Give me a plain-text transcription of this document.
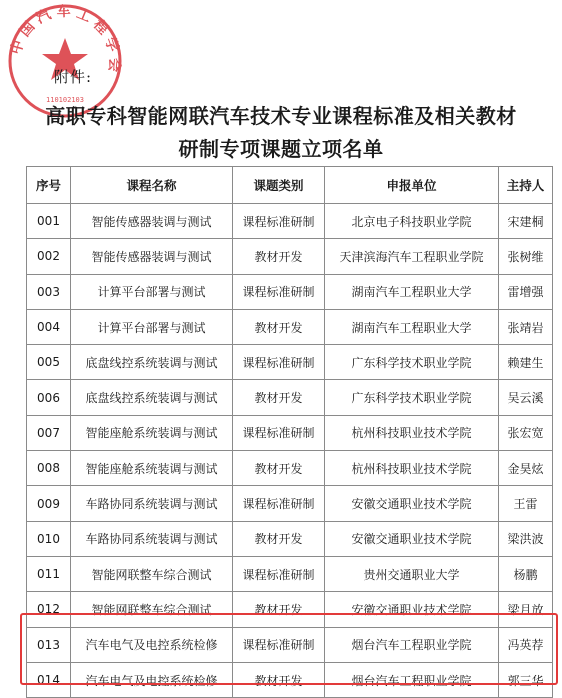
中 国 汽 车 工 程 学 会
110102103
附件:
高职专科智能网联汽车技术专业课程标准及相关教材
研制专项课题立项名单
序号	课程名称	课题类别	申报单位	主持人
001	智能传感器装调与测试	课程标准研制	北京电子科技职业学院	宋建桐
002	智能传感器装调与测试	教材开发	天津滨海汽车工程职业学院	张树维
003	计算平台部署与测试	课程标准研制	湖南汽车工程职业大学	雷增强
004	计算平台部署与测试	教材开发	湖南汽车工程职业大学	张靖岩
005	底盘线控系统装调与测试	课程标准研制	广东科学技术职业学院	赖建生
006	底盘线控系统装调与测试	教材开发	广东科学技术职业学院	吴云溪
007	智能座舱系统装调与测试	课程标准研制	杭州科技职业技术学院	张宏宽
008	智能座舱系统装调与测试	教材开发	杭州科技职业技术学院	金昊炫
009	车路协同系统装调与测试	课程标准研制	安徽交通职业技术学院	王雷
010	车路协同系统装调与测试	教材开发	安徽交通职业技术学院	梁洪波
011	智能网联整车综合测试	课程标准研制	贵州交通职业大学	杨鹏
012	智能网联整车综合测试	教材开发	安徽交通职业技术学院	梁月放
013	汽车电气及电控系统检修	课程标准研制	烟台汽车工程职业学院	冯英荐
014	汽车电气及电控系统检修	教材开发	烟台汽车工程职业学院	郭三华
